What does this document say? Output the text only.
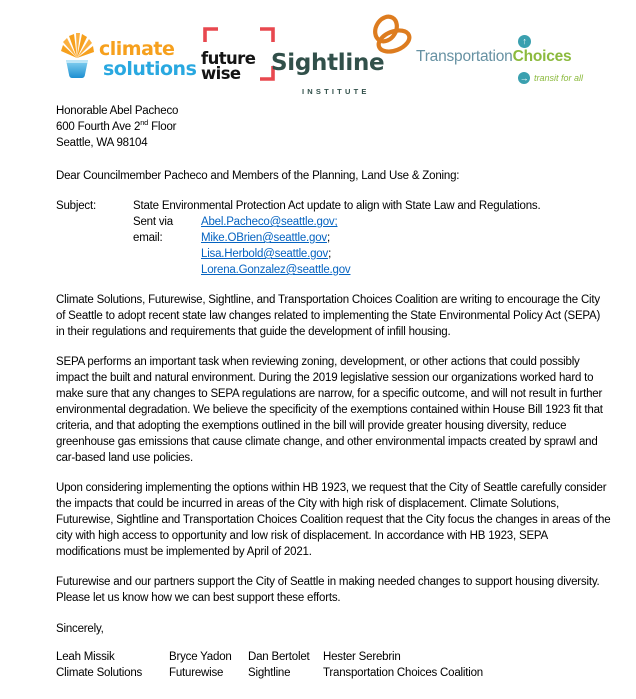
climate
solutions future
wise	Sightline
INSTITUTE
↑
TransportationChoices
→ transit for all
Honorable Abel Pacheco
600 Fourth Ave 2nd Floor
Seattle, WA 98104
Dear Councilmember Pacheco and Members of the Planning, Land Use & Zoning:
Subject:	State Environmental Protection Act update to align with State Law and Regulations.
Sent via email:
Abel.Pacheco@seattle.gov;
Mike.OBrien@seattle.gov;
Lisa.Herbold@seattle.gov;
Lorena.Gonzalez@seattle.gov

Climate Solutions, Futurewise, Sightline, and Transportation Choices Coalition are writing to encourage the City of Seattle to adopt recent state law changes related to implementing the State Environmental Policy Act (SEPA) in their regulations and requirements that guide the development of infill housing.

SEPA performs an important task when reviewing zoning, development, or other actions that could possibly impact the built and natural environment. During the 2019 legislative session our organizations worked hard to make sure that any changes to SEPA regulations are narrow, for a specific outcome, and will not result in further environmental degradation. We believe the specificity of the exemptions contained within House Bill 1923 fit that criteria, and that adopting the exemptions outlined in the bill will provide greater housing diversity, reduce greenhouse gas emissions that cause climate change, and other environmental impacts created by sprawl and car-based land use policies.

Upon considering implementing the options within HB 1923, we request that the City of Seattle carefully consider the impacts that could be incurred in areas of the City with high risk of displacement. Climate Solutions, Futurewise, Sightline and Transportation Choices Coalition request that the City focus the changes in areas of the city with high access to opportunity and low risk of displacement. In accordance with HB 1923, SEPA modifications must be implemented by April of 2021.

Futurewise and our partners support the City of Seattle in making needed changes to support housing diversity. Please let us know how we can best support these efforts.

Sincerely,
Leah Missik
Climate Solutions
Bryce Yadon
Futurewise
Dan Bertolet
Sightline
Hester Serebrin
Transportation Choices Coalition
